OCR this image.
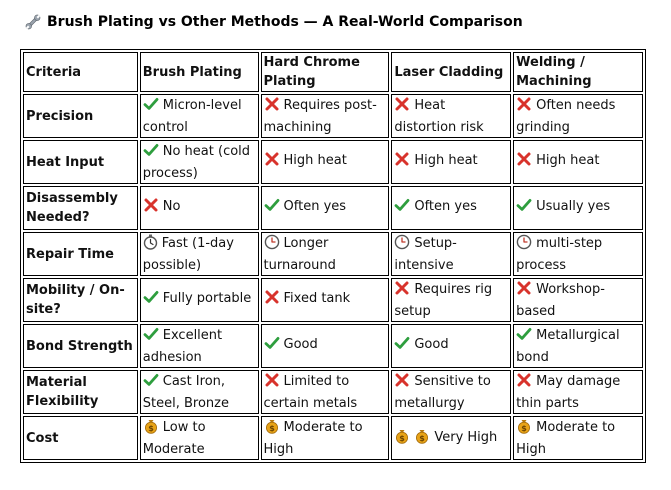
Brush Plating vs Other Methods — A Real-World Comparison
Criteria	Brush Plating	Hard Chrome Plating	Laser Cladding	Welding / Machining
Precision	Micron-level control	Requires post-machining	Heat distortion risk	Often needs grinding
Heat Input	No heat (cold process)	High heat	High heat	High heat
Disassembly Needed?	No	Often yes	Often yes	Usually yes
Repair Time	Fast (1-day possible)	Longer turnaround	Setup-intensive	multi-step process
Mobility / On-site?	Fully portable	Fixed tank	Requires rig setup	Workshop-based
Bond Strength	Excellent adhesion	Good	Good	Metallurgical bond
Material Flexibility	Cast Iron, Steel, Bronze	Limited to certain metals	Sensitive to metallurgy	May damage thin parts
Cost	$ Low to Moderate	$ Moderate to High	$ $ Very High	$ Moderate to High
